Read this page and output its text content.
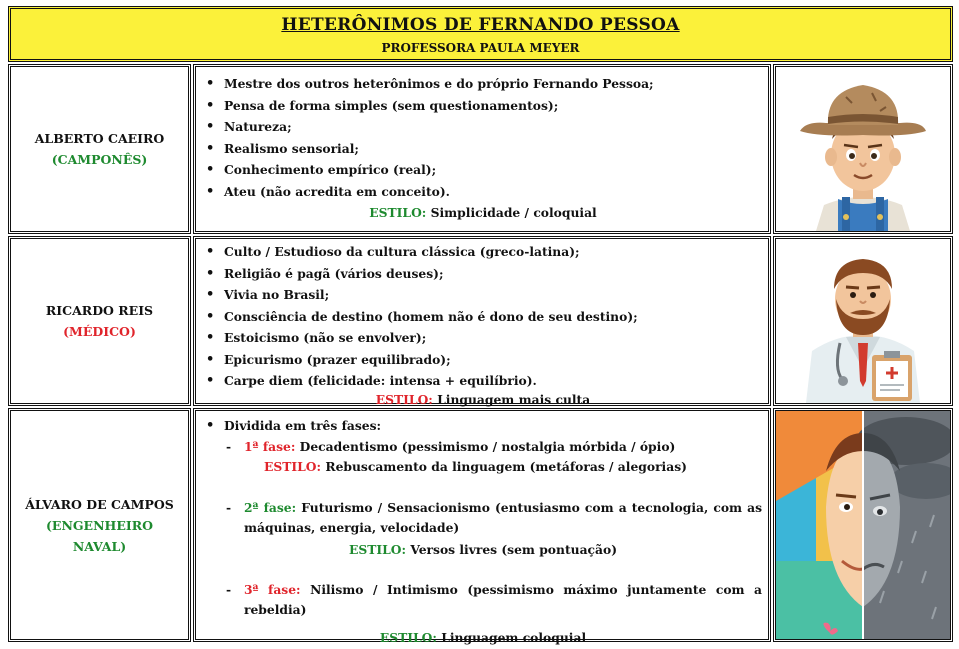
HETERÔNIMOS DE FERNANDO PESSOA
PROFESSORA PAULA MEYER
ALBERTO CAEIRO
(CAMPONÊS)
• Mestre dos outros heterônimos e do próprio Fernando Pessoa;
• Pensa de forma simples (sem questionamentos);
• Natureza;
• Realismo sensorial;
• Conhecimento empírico (real);
• Ateu (não acredita em conceito).
ESTILO: Simplicidade / coloquial
RICARDO REIS
(MÉDICO)
• Culto / Estudioso da cultura clássica (greco-latina);
• Religião é pagã (vários deuses);
• Vivia no Brasil;
• Consciência de destino (homem não é dono de seu destino);
• Estoicismo (não se envolver);
• Epicurismo (prazer equilibrado);
• Carpe diem (felicidade: intensa + equilíbrio).
ESTILO: Linguagem mais culta
ÁLVARO DE CAMPOS
(ENGENHEIRO
NAVAL)
• Dividida em três fases:
- 1ª fase: Decadentismo (pessimismo / nostalgia mórbida / ópio)
ESTILO: Rebuscamento da linguagem (metáforas / alegorias)
- 2ª fase: Futurismo / Sensacionismo (entusiasmo com a tecnologia, com as máquinas, energia, velocidade)
ESTILO: Versos livres (sem pontuação)
- 3ª fase: Nilismo / Intimismo (pessimismo máximo juntamente com a rebeldia)
ESTILO: Linguagem coloquial
